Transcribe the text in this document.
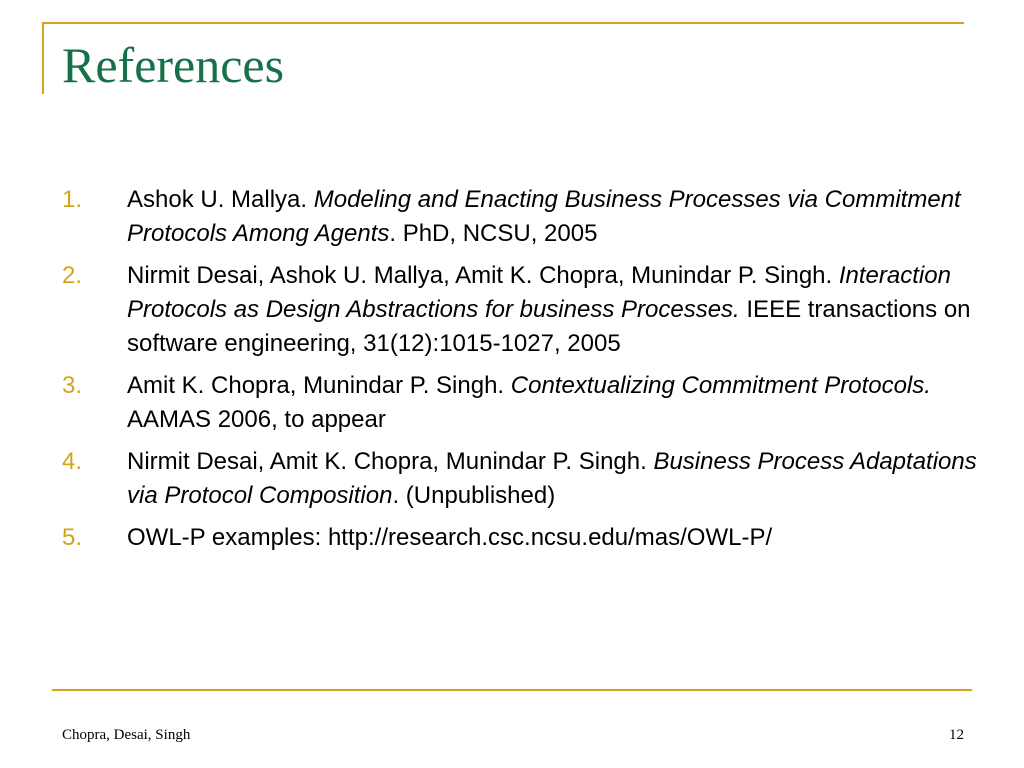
References
1. Ashok U. Mallya. Modeling and Enacting Business Processes via Commitment Protocols Among Agents. PhD, NCSU, 2005
2. Nirmit Desai, Ashok U. Mallya, Amit K. Chopra, Munindar P. Singh. Interaction Protocols as Design Abstractions for business Processes. IEEE transactions on software engineering, 31(12):1015-1027, 2005
3. Amit K. Chopra, Munindar P. Singh. Contextualizing Commitment Protocols. AAMAS 2006, to appear
4. Nirmit Desai, Amit K. Chopra, Munindar P. Singh. Business Process Adaptations via Protocol Composition. (Unpublished)
5. OWL-P examples: http://research.csc.ncsu.edu/mas/OWL-P/
Chopra, Desai, Singh	12
